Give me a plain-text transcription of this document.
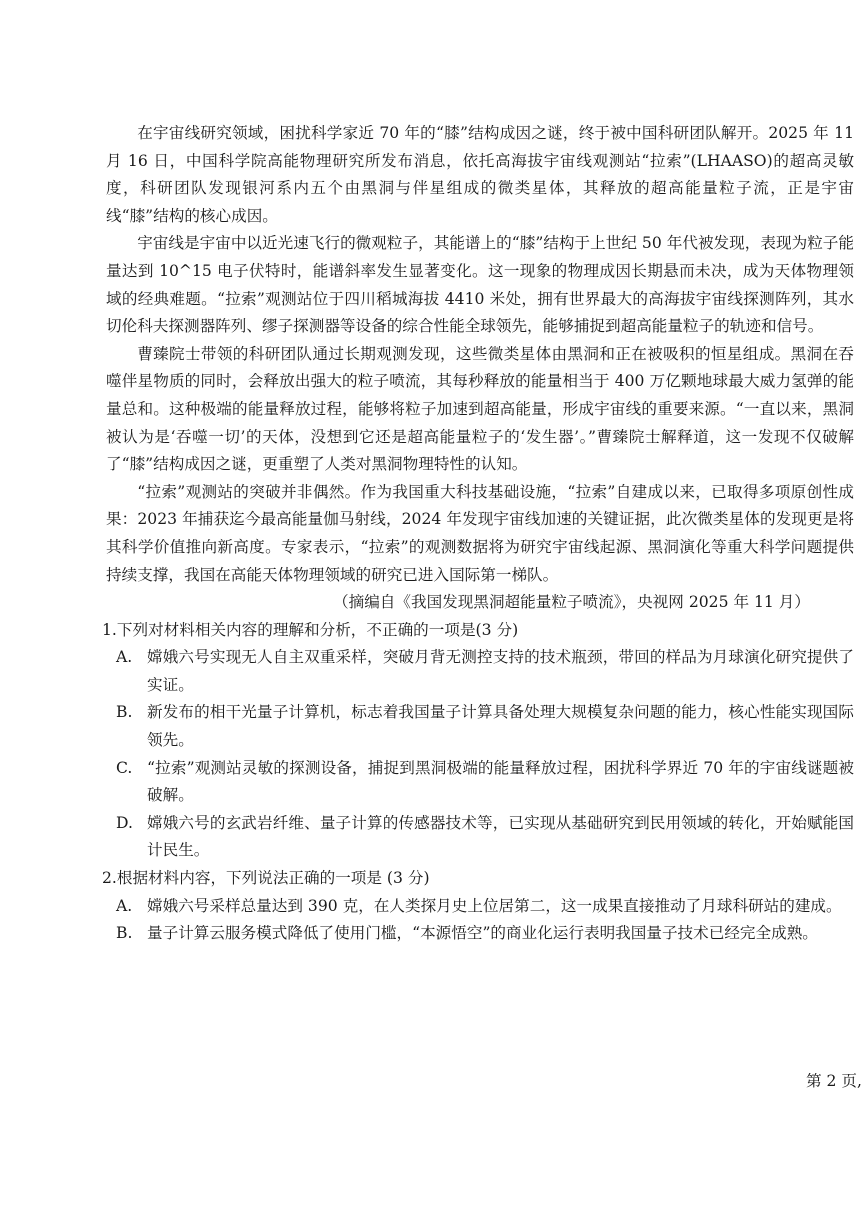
在宇宙线研究领域，困扰科学家近 70 年的“膝”结构成因之谜，终于被中国科研团队解开。2025 年 11 月 16 日，中国科学院高能物理研究所发布消息，依托高海拔宇宙线观测站“拉索”(LHAASO)的超高灵敏度，科研团队发现银河系内五个由黑洞与伴星组成的微类星体，其释放的超高能量粒子流，正是宇宙线“膝”结构的核心成因。

宇宙线是宇宙中以近光速飞行的微观粒子，其能谱上的“膝”结构于上世纪 50 年代被发现，表现为粒子能量达到 10^15 电子伏特时，能谱斜率发生显著变化。这一现象的物理成因长期悬而未决，成为天体物理领域的经典难题。“拉索”观测站位于四川稻城海拔 4410 米处，拥有世界最大的高海拔宇宙线探测阵列，其水切伦科夫探测器阵列、缪子探测器等设备的综合性能全球领先，能够捕捉到超高能量粒子的轨迹和信号。

曹臻院士带领的科研团队通过长期观测发现，这些微类星体由黑洞和正在被吸积的恒星组成。黑洞在吞噬伴星物质的同时，会释放出强大的粒子喷流，其每秒释放的能量相当于 400 万亿颗地球最大威力氢弹的能量总和。这种极端的能量释放过程，能够将粒子加速到超高能量，形成宇宙线的重要来源。“一直以来，黑洞被认为是‘吞噬一切’的天体，没想到它还是超高能量粒子的‘发生器’。”曹臻院士解释道，这一发现不仅破解了“膝”结构成因之谜，更重塑了人类对黑洞物理特性的认知。

“拉索”观测站的突破并非偶然。作为我国重大科技基础设施，“拉索”自建成以来，已取得多项原创性成果：2023 年捕获迄今最高能量伽马射线，2024 年发现宇宙线加速的关键证据，此次微类星体的发现更是将其科学价值推向新高度。专家表示，“拉索”的观测数据将为研究宇宙线起源、黑洞演化等重大科学问题提供持续支撑，我国在高能天体物理领域的研究已进入国际第一梯队。

（摘编自《我国发现黑洞超能量粒子喷流》，央视网 2025 年 11 月）

1.下列对材料相关内容的理解和分析，不正确的一项是(3 分)

A. 嫦娥六号实现无人自主双重采样，突破月背无测控支持的技术瓶颈，带回的样品为月球演化研究提供了实证。

B. 新发布的相干光量子计算机，标志着我国量子计算具备处理大规模复杂问题的能力，核心性能实现国际领先。

C. “拉索”观测站灵敏的探测设备，捕捉到黑洞极端的能量释放过程，困扰科学界近 70 年的宇宙线谜题被破解。

D. 嫦娥六号的玄武岩纤维、量子计算的传感器技术等，已实现从基础研究到民用领域的转化，开始赋能国计民生。

2.根据材料内容，下列说法正确的一项是 (3 分)

A. 嫦娥六号采样总量达到 390 克，在人类探月史上位居第二，这一成果直接推动了月球科研站的建成。

B. 量子计算云服务模式降低了使用门槛，“本源悟空”的商业化运行表明我国量子技术已经完全成熟。

第 2 页,
